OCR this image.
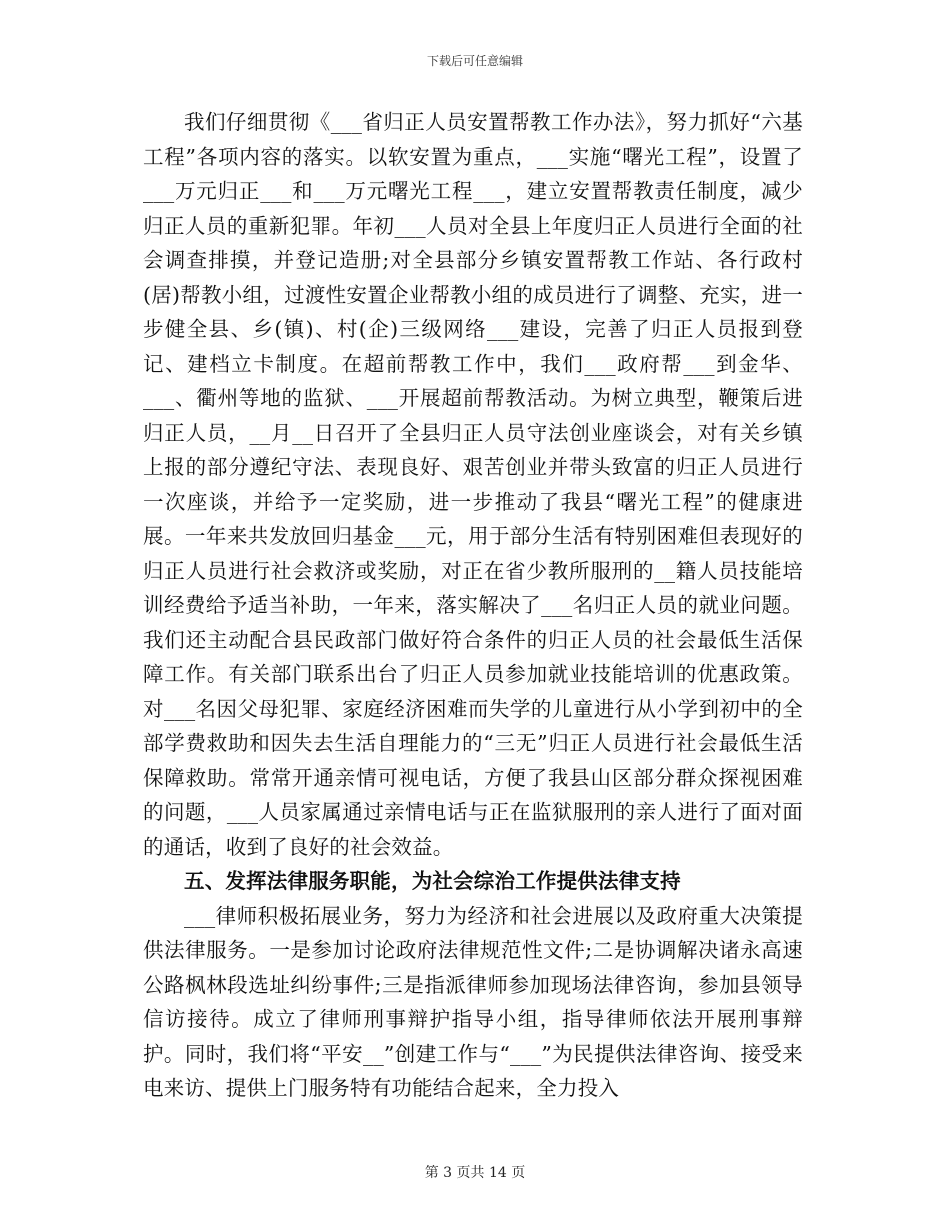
下载后可任意编辑

我们仔细贯彻《___省归正人员安置帮教工作办法》，努力抓好“六基工程”各项内容的落实。以软安置为重点，___实施“曙光工程”，设置了___万元归正___和___万元曙光工程___，建立安置帮教责任制度，减少归正人员的重新犯罪。年初___人员对全县上年度归正人员进行全面的社会调查排摸，并登记造册;对全县部分乡镇安置帮教工作站、各行政村(居)帮教小组，过渡性安置企业帮教小组的成员进行了调整、充实，进一步健全县、乡(镇)、村(企)三级网络___建设，完善了归正人员报到登记、建档立卡制度。在超前帮教工作中，我们___政府帮___到金华、___、衢州等地的监狱、___开展超前帮教活动。为树立典型，鞭策后进归正人员，__月__日召开了全县归正人员守法创业座谈会，对有关乡镇上报的部分遵纪守法、表现良好、艰苦创业并带头致富的归正人员进行一次座谈，并给予一定奖励，进一步推动了我县“曙光工程”的健康进展。一年来共发放回归基金___元，用于部分生活有特别困难但表现好的归正人员进行社会救济或奖励，对正在省少教所服刑的__籍人员技能培训经费给予适当补助，一年来，落实解决了___名归正人员的就业问题。我们还主动配合县民政部门做好符合条件的归正人员的社会最低生活保障工作。有关部门联系出台了归正人员参加就业技能培训的优惠政策。对___名因父母犯罪、家庭经济困难而失学的儿童进行从小学到初中的全部学费救助和因失去生活自理能力的“三无”归正人员进行社会最低生活保障救助。常常开通亲情可视电话，方便了我县山区部分群众探视困难的问题，___人员家属通过亲情电话与正在监狱服刑的亲人进行了面对面的通话，收到了良好的社会效益。

五、发挥法律服务职能，为社会综治工作提供法律支持

___律师积极拓展业务，努力为经济和社会进展以及政府重大决策提供法律服务。一是参加讨论政府法律规范性文件;二是协调解决诸永高速公路枫林段选址纠纷事件;三是指派律师参加现场法律咨询，参加县领导信访接待。成立了律师刑事辩护指导小组，指导律师依法开展刑事辩护。同时，我们将“平安__”创建工作与“___”为民提供法律咨询、接受来电来访、提供上门服务特有功能结合起来，全力投入

第 3 页共 14 页
